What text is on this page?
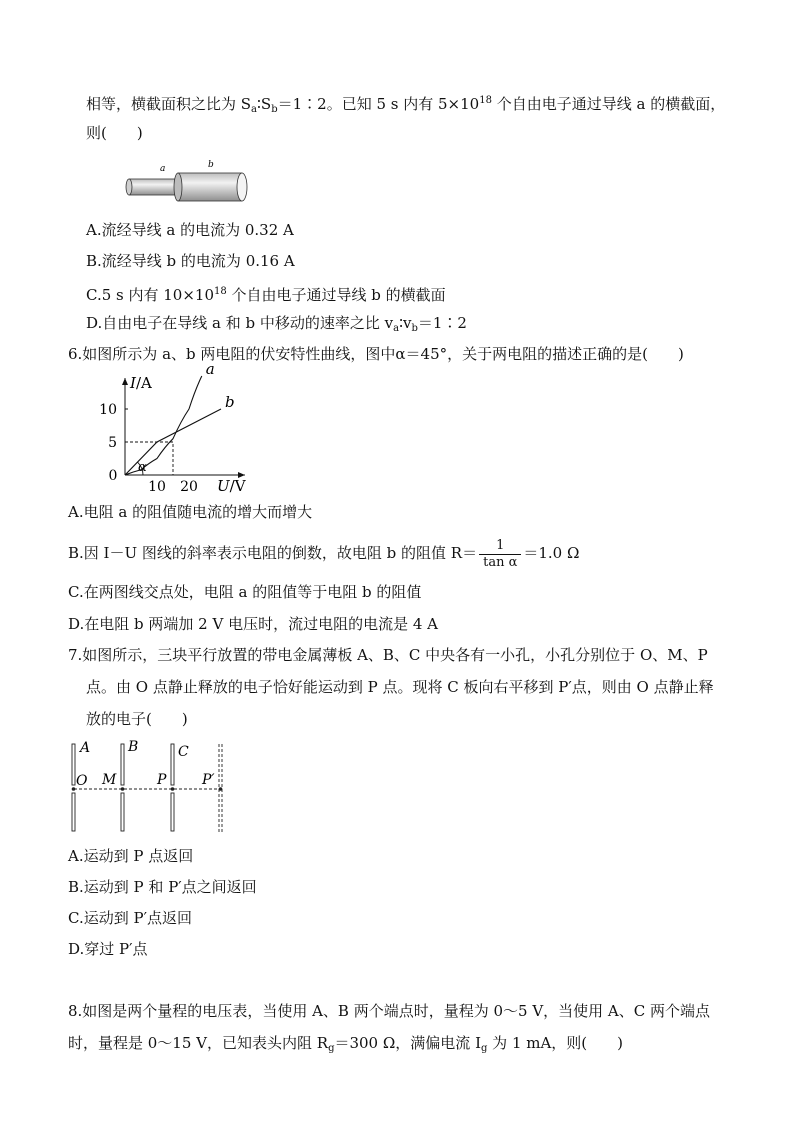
相等，横截面积之比为 $S_a∶S_b=1∶2$。已知 5 s 内有 $5\times 10^{18}$ 个自由电子通过导线 a 的横截面，
则(　　)
a	b
A.流经导线 a 的电流为 0.32 A
B.流经导线 b 的电流为 0.16 A
C.5 s 内有 $10\times 10^{18}$ 个自由电子通过导线 b 的横截面
D.自由电子在导线 a 和 b 中移动的速率之比 $v_a∶v_b=1∶2$
6.如图所示为 a、b 两电阻的伏安特性曲线，图中α＝45°，关于两电阻的描述正确的是(　　)
I/A
U/V
5
10
10 20
0
a
b
α
A.电阻 a 的阻值随电流的增大而增大
B.因 I－U 图线的斜率表示电阻的倒数，故电阻 b 的阻值 $R= \frac{1}{\text{tan α}} =1.0$ Ω
C.在两图线交点处，电阻 a 的阻值等于电阻 b 的阻值
D.在电阻 b 两端加 2 V 电压时，流过电阻的电流是 4 A
7.如图所示，三块平行放置的带电金属薄板 A、B、C 中央各有一小孔，小孔分别位于 O、M、P
点。由 O 点静止释放的电子恰好能运动到 P 点。现将 C 板向右平移到 P′点，则由 O 点静止释
放的电子(　　)
A	B	C
O M	P	P′
A.运动到 P 点返回
B.运动到 P 和 P′点之间返回
C.运动到 P′点返回
D.穿过 P′点
8.如图是两个量程的电压表，当使用 A、B 两个端点时，量程为 0～5 V，当使用 A、C 两个端点
时，量程是 0～15 V，已知表头内阻 $R_g=300$ Ω，满偏电流 $I_g$ 为 1 mA，则(　　)
